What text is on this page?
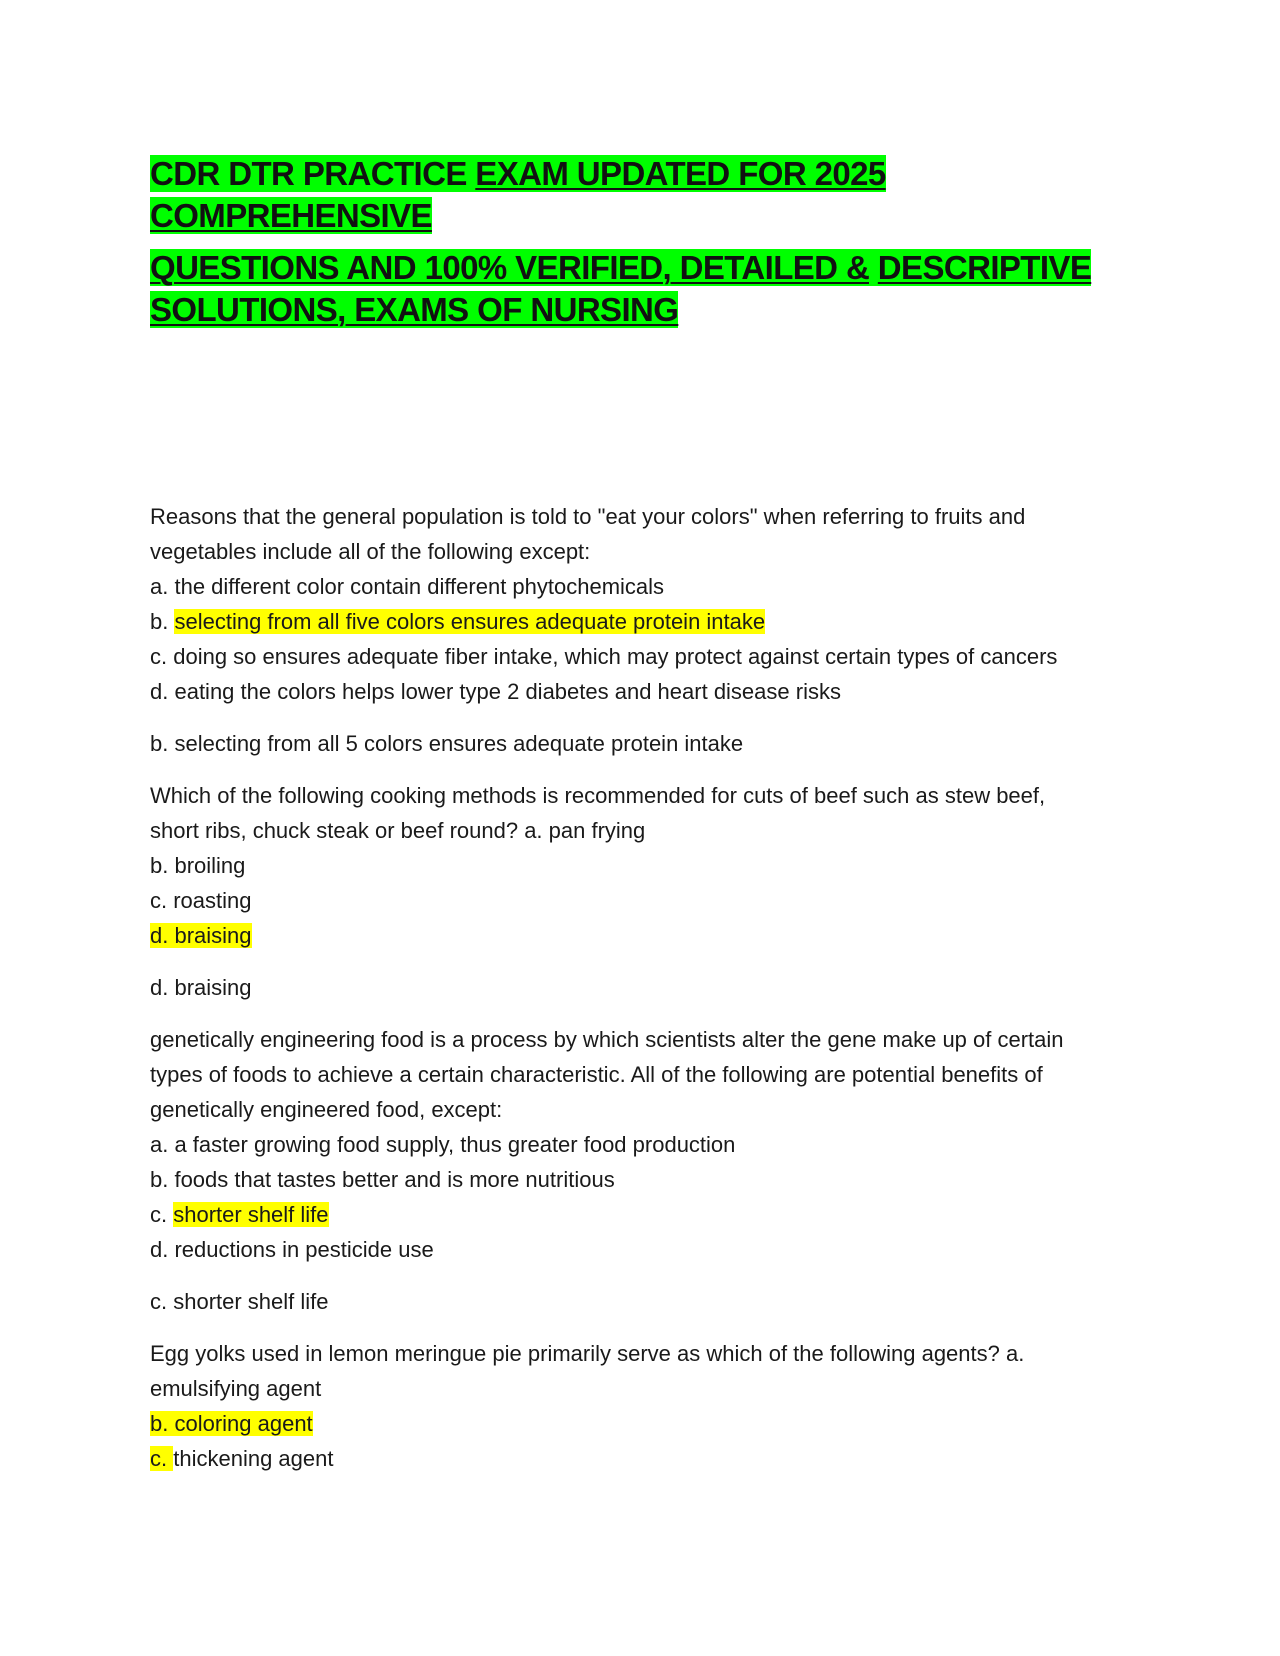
CDR DTR PRACTICE EXAM UPDATED FOR 2025
COMPREHENSIVE
QUESTIONS AND 100% VERIFIED, DETAILED & DESCRIPTIVE
SOLUTIONS, EXAMS OF NURSING

Reasons that the general population is told to "eat your colors" when referring to fruits and

vegetables include all of the following except:

a. the different color contain different phytochemicals

b. selecting from all five colors ensures adequate protein intake

c. doing so ensures adequate fiber intake, which may protect against certain types of cancers

d. eating the colors helps lower type 2 diabetes and heart disease risks

b. selecting from all 5 colors ensures adequate protein intake

Which of the following cooking methods is recommended for cuts of beef such as stew beef,

short ribs, chuck steak or beef round? a. pan frying

b. broiling

c. roasting

d. braising

d. braising

genetically engineering food is a process by which scientists alter the gene make up of certain

types of foods to achieve a certain characteristic. All of the following are potential benefits of

genetically engineered food, except:

a. a faster growing food supply, thus greater food production

b. foods that tastes better and is more nutritious

c. shorter shelf life

d. reductions in pesticide use

c. shorter shelf life

Egg yolks used in lemon meringue pie primarily serve as which of the following agents? a.

emulsifying agent

b. coloring agent

c. thickening agent
